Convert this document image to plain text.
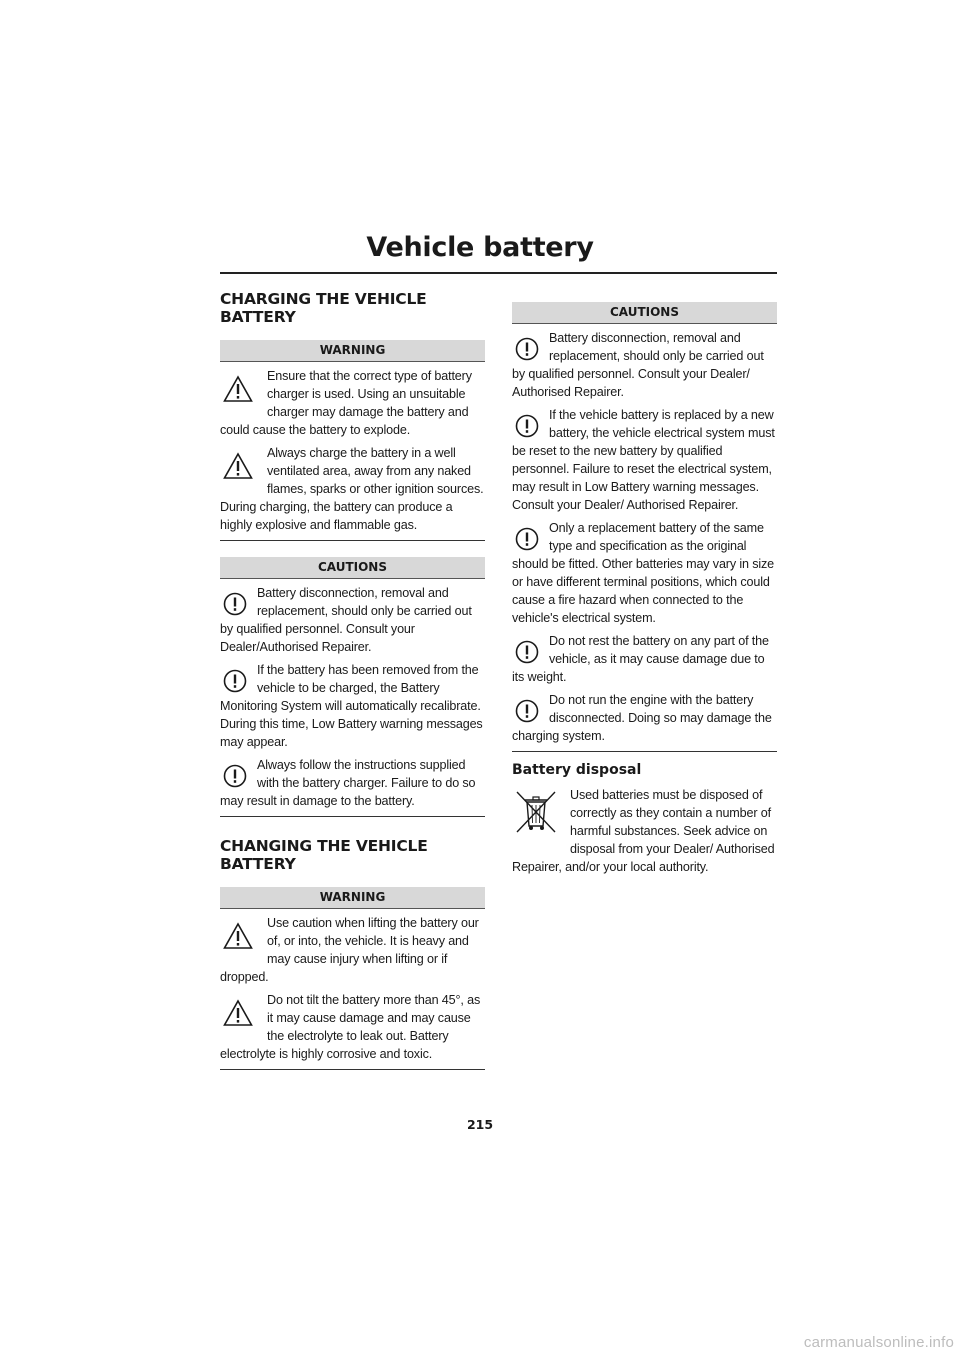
Vehicle battery
CHARGING THE VEHICLE BATTERY
WARNING
Ensure that the correct type of battery charger is used. Using an unsuitable charger may damage the battery and could cause the battery to explode.
Always charge the battery in a well ventilated area, away from any naked flames, sparks or other ignition sources. During charging, the battery can produce a highly explosive and flammable gas.
CAUTIONS
Battery disconnection, removal and replacement, should only be carried out by qualified personnel. Consult your Dealer/Authorised Repairer.
If the battery has been removed from the vehicle to be charged, the Battery Monitoring System will automatically recalibrate. During this time, Low Battery warning messages may appear.
Always follow the instructions supplied with the battery charger. Failure to do so may result in damage to the battery.
CHANGING THE VEHICLE BATTERY
WARNING
Use caution when lifting the battery our of, or into, the vehicle. It is heavy and may cause injury when lifting or if dropped.
Do not tilt the battery more than 45°, as it may cause damage and may cause the electrolyte to leak out. Battery electrolyte is highly corrosive and toxic.
CAUTIONS
Battery disconnection, removal and replacement, should only be carried out by qualified personnel. Consult your Dealer/ Authorised Repairer.
If the vehicle battery is replaced by a new battery, the vehicle electrical system must be reset to the new battery by qualified personnel. Failure to reset the electrical system, may result in Low Battery warning messages. Consult your Dealer/ Authorised Repairer.
Only a replacement battery of the same type and specification as the original should be fitted. Other batteries may vary in size or have different terminal positions, which could cause a fire hazard when connected to the vehicle's electrical system.
Do not rest the battery on any part of the vehicle, as it may cause damage due to its weight.
Do not run the engine with the battery disconnected. Doing so may damage the charging system.
Battery disposal
Used batteries must be disposed of correctly as they contain a number of harmful substances. Seek advice on disposal from your Dealer/ Authorised Repairer, and/or your local authority.
215
carmanualsonline.info
